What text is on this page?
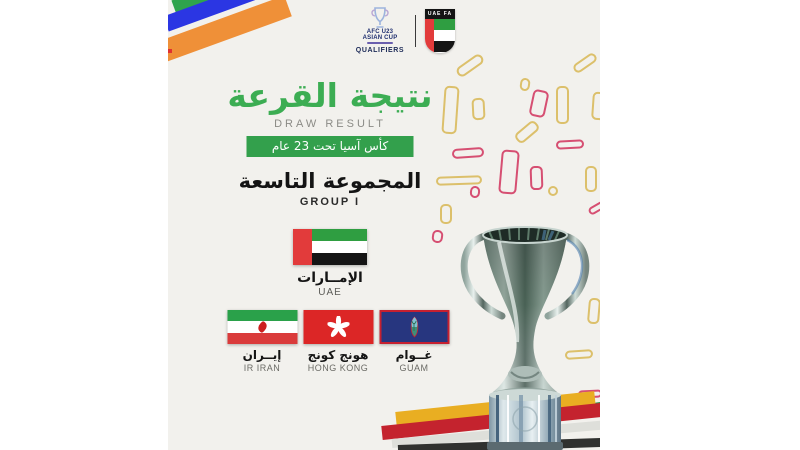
AFC U23
ASIAN CUP
QUALIFIERS
UAE FA
نتيجة القرعة
DRAW RESULT
كأس آسيا تحت 23 عام
المجموعة التاسعة
GROUP I
الإمــارات
UAE
إيــران
IR IRAN
هونج كونج
HONG KONG
غــوام
GUAM
